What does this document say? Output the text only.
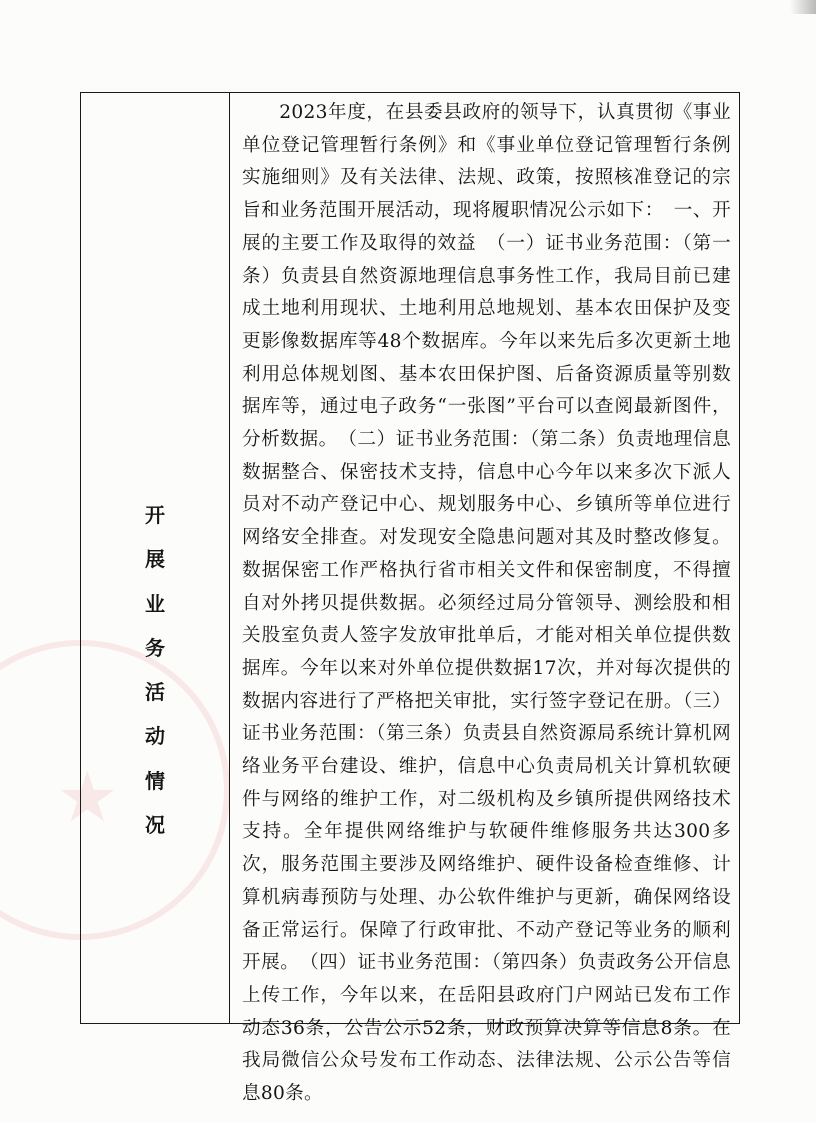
★
开
展
业
务
活
动
情
况

2023年度，在县委县政府的领导下，认真贯彻《事业单位登记管理暂行条例》和《事业单位登记管理暂行条例实施细则》及有关法律、法规、政策，按照核准登记的宗旨和业务范围开展活动，现将履职情况公示如下：　一、开展的主要工作及取得的效益　（一）证书业务范围：（第一条）负责县自然资源地理信息事务性工作，我局目前已建成土地利用现状、土地利用总地规划、基本农田保护及变更影像数据库等48个数据库。今年以来先后多次更新土地利用总体规划图、基本农田保护图、后备资源质量等别数据库等，通过电子政务“一张图”平台可以查阅最新图件，分析数据。　（二）证书业务范围：（第二条）负责地理信息数据整合、保密技术支持，信息中心今年以来多次下派人员对不动产登记中心、规划服务中心、乡镇所等单位进行网络安全排查。对发现安全隐患问题对其及时整改修复。数据保密工作严格执行省市相关文件和保密制度，不得擅自对外拷贝提供数据。必须经过局分管领导、测绘股和相关股室负责人签字发放审批单后，才能对相关单位提供数据库。今年以来对外单位提供数据17次，并对每次提供的数据内容进行了严格把关审批，实行签字登记在册。（三）证书业务范围：（第三条）负责县自然资源局系统计算机网络业务平台建设、维护，信息中心负责局机关计算机软硬件与网络的维护工作，对二级机构及乡镇所提供网络技术支持。全年提供网络维护与软硬件维修服务共达300多次，服务范围主要涉及网络维护、硬件设备检查维修、计算机病毒预防与处理、办公软件维护与更新，确保网络设备正常运行。保障了行政审批、不动产登记等业务的顺利开展。　（四）证书业务范围：（第四条）负责政务公开信息上传工作，今年以来，在岳阳县政府门户网站已发布工作动态36条，公告公示52条，财政预算决算等信息8条。在我局微信公众号发布工作动态、法律法规、公示公告等信息80条。
